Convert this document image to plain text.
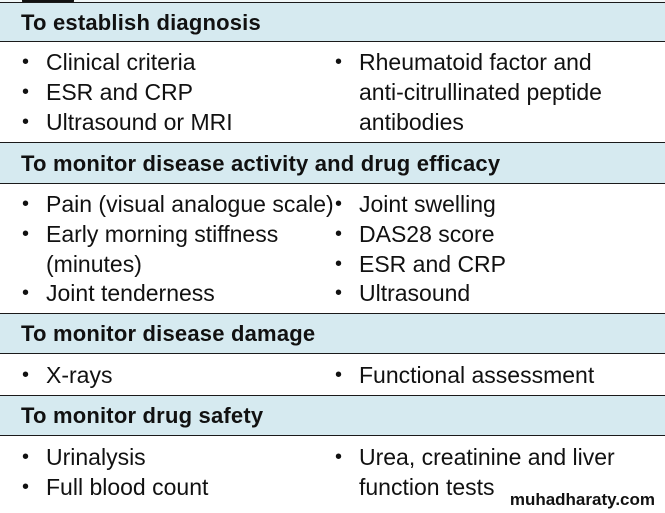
To establish diagnosis
• Clinical criteria
• ESR and CRP
• Ultrasound or MRI
• Rheumatoid factor and
anti-citrullinated peptide
antibodies
To monitor disease activity and drug efficacy
• Pain (visual analogue scale)
• Early morning stiffness
(minutes)
• Joint tenderness
• Joint swelling
• DAS28 score
• ESR and CRP
• Ultrasound
To monitor disease damage
• X-rays	• Functional assessment
To monitor drug safety
• Urinalysis
• Full blood count
• Urea, creatinine and liver
function tests muhadharaty.com
